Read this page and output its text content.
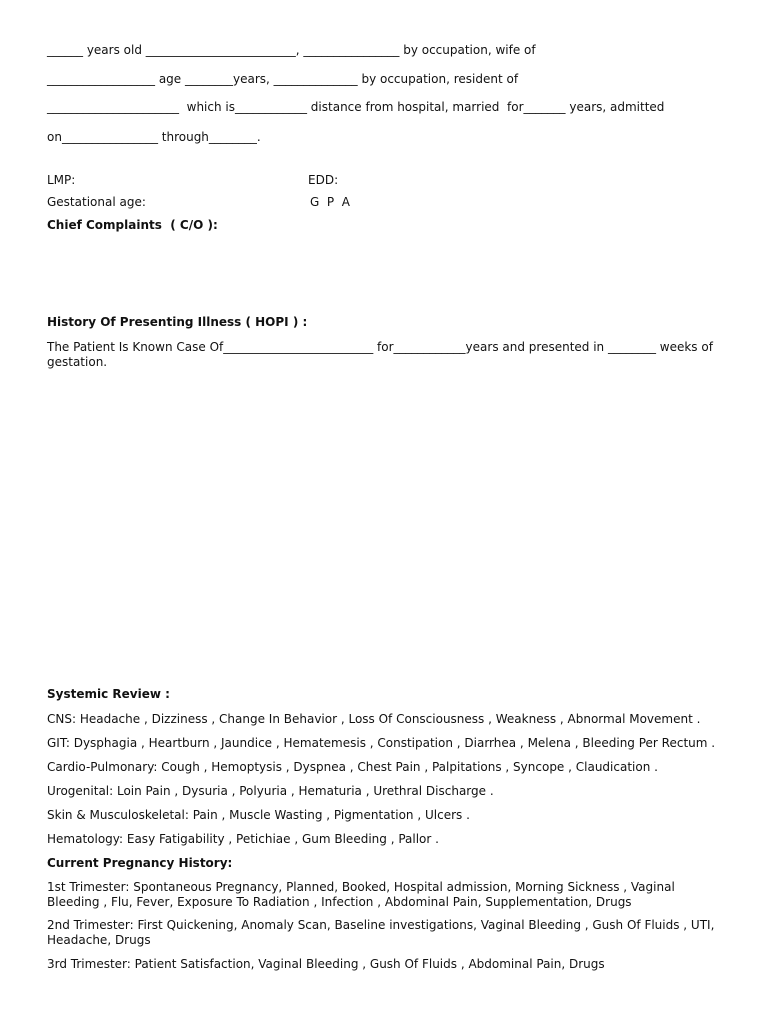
______ years old _________________________, ________________ by occupation, wife of
__________________ age ________years, ______________ by occupation, resident of
______________________  which is____________ distance from hospital, married  for_______ years, admitted
on________________ through________.
LMP:	EDD:
Gestational age:	G  P  A
Chief Complaints  ( C/O ):
History Of Presenting Illness ( HOPI ) :
The Patient Is Known Case Of_________________________ for____________years and presented in ________ weeks of gestation.
Systemic Review :
CNS: Headache , Dizziness , Change In Behavior , Loss Of Consciousness , Weakness , Abnormal Movement .
GIT: Dysphagia , Heartburn , Jaundice , Hematemesis , Constipation , Diarrhea , Melena , Bleeding Per Rectum .
Cardio-Pulmonary: Cough , Hemoptysis , Dyspnea , Chest Pain , Palpitations , Syncope , Claudication .
Urogenital: Loin Pain , Dysuria , Polyuria , Hematuria , Urethral Discharge .
Skin & Musculoskeletal: Pain , Muscle Wasting , Pigmentation , Ulcers .
Hematology: Easy Fatigability , Petichiae , Gum Bleeding , Pallor .
Current Pregnancy History:
1st Trimester: Spontaneous Pregnancy, Planned, Booked, Hospital admission, Morning Sickness , Vaginal Bleeding , Flu, Fever, Exposure To Radiation , Infection , Abdominal Pain, Supplementation, Drugs
2nd Trimester: First Quickening, Anomaly Scan, Baseline investigations, Vaginal Bleeding , Gush Of Fluids , UTI, Headache, Drugs
3rd Trimester: Patient Satisfaction, Vaginal Bleeding , Gush Of Fluids , Abdominal Pain, Drugs
